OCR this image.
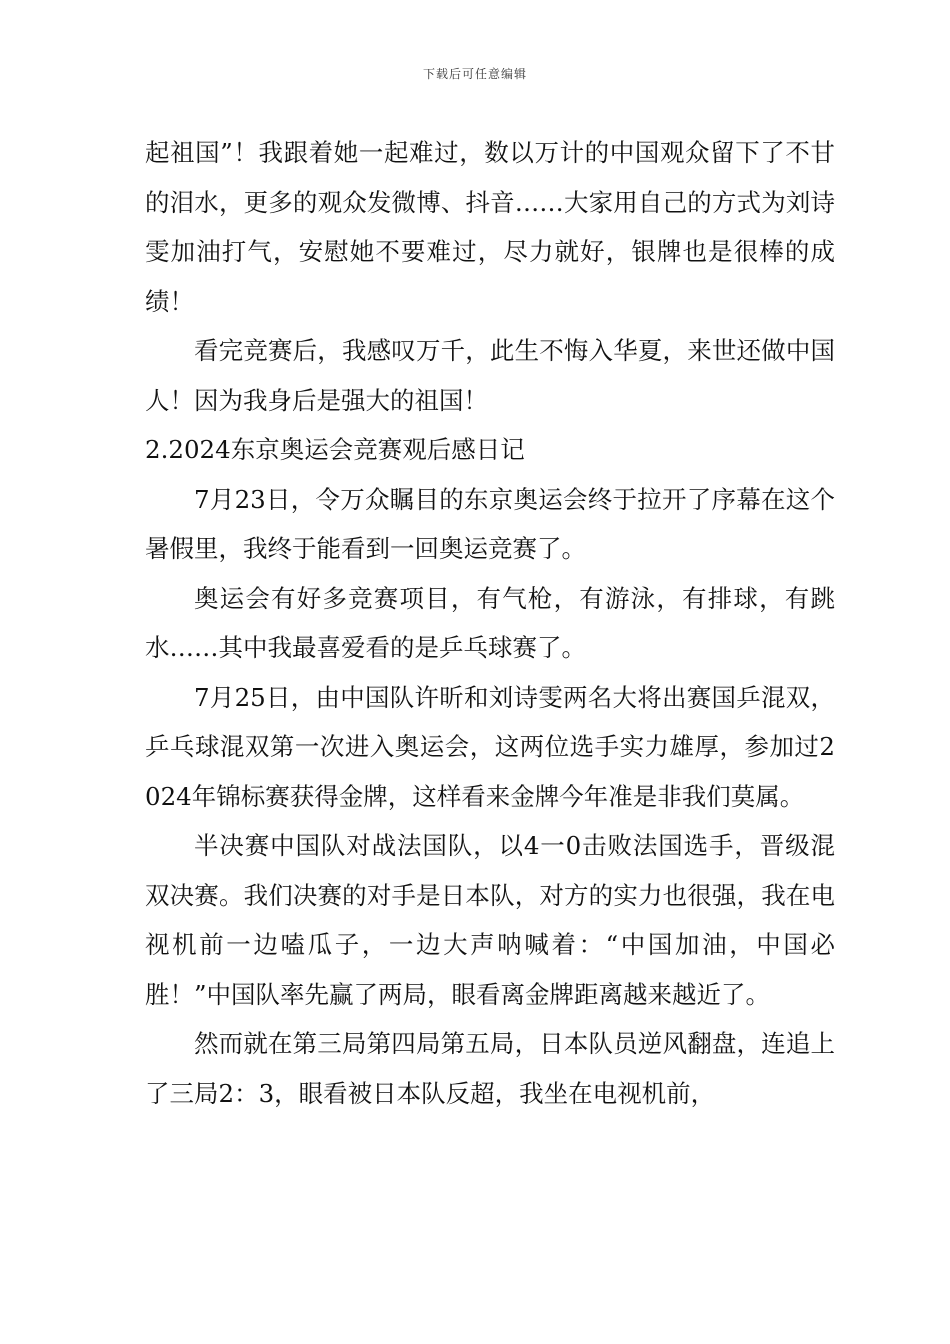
下载后可任意编辑

起祖国”！我跟着她一起难过，数以万计的中国观众留下了不甘的泪水，更多的观众发微博、抖音……大家用自己的方式为刘诗雯加油打气，安慰她不要难过，尽力就好，银牌也是很棒的成绩！

看完竞赛后，我感叹万千，此生不悔入华夏，来世还做中国人！因为我身后是强大的祖国！

2.2024东京奥运会竞赛观后感日记

7月23日，令万众瞩目的东京奥运会终于拉开了序幕在这个暑假里，我终于能看到一回奥运竞赛了。

奥运会有好多竞赛项目，有气枪，有游泳，有排球，有跳水……其中我最喜爱看的是乒乓球赛了。

7月25日，由中国队许昕和刘诗雯两名大将出赛国乒混双，乒乓球混双第一次进入奥运会，这两位选手实力雄厚，参加过2024年锦标赛获得金牌，这样看来金牌今年准是非我们莫属。

半决赛中国队对战法国队，以4一0击败法国选手，晋级混双决赛。我们决赛的对手是日本队，对方的实力也很强，我在电视机前一边嗑瓜子，一边大声呐喊着：“中国加油，中国必胜！”中国队率先赢了两局，眼看离金牌距离越来越近了。

然而就在第三局第四局第五局，日本队员逆风翻盘，连追上了三局2：3，眼看被日本队反超，我坐在电视机前，
